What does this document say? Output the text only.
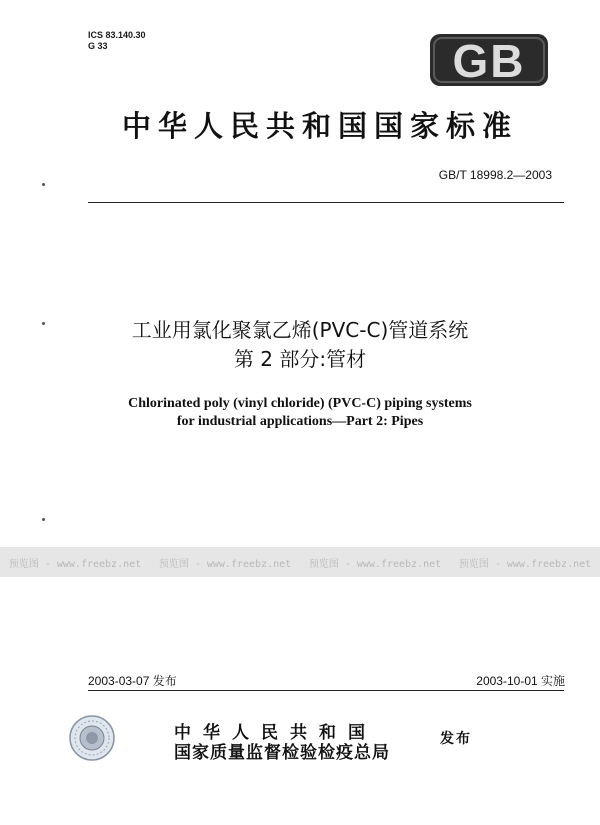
ICS 83.140.30
G 33	GB
中华人民共和国国家标准
GB/T 18998.2—2003
工业用氯化聚氯乙烯(PVC-C)管道系统
第 2 部分:管材
Chlorinated poly (vinyl chloride) (PVC-C) piping systems
for industrial applications—Part 2: Pipes
预览图 - www.freebz.net 预览图 - www.freebz.net 预览图 - www.freebz.net 预览图 - www.freebz.net
2003-03-07 发布	2003-10-01 实施
中华人民共和国
国家质量监督检验检疫总局
发布
